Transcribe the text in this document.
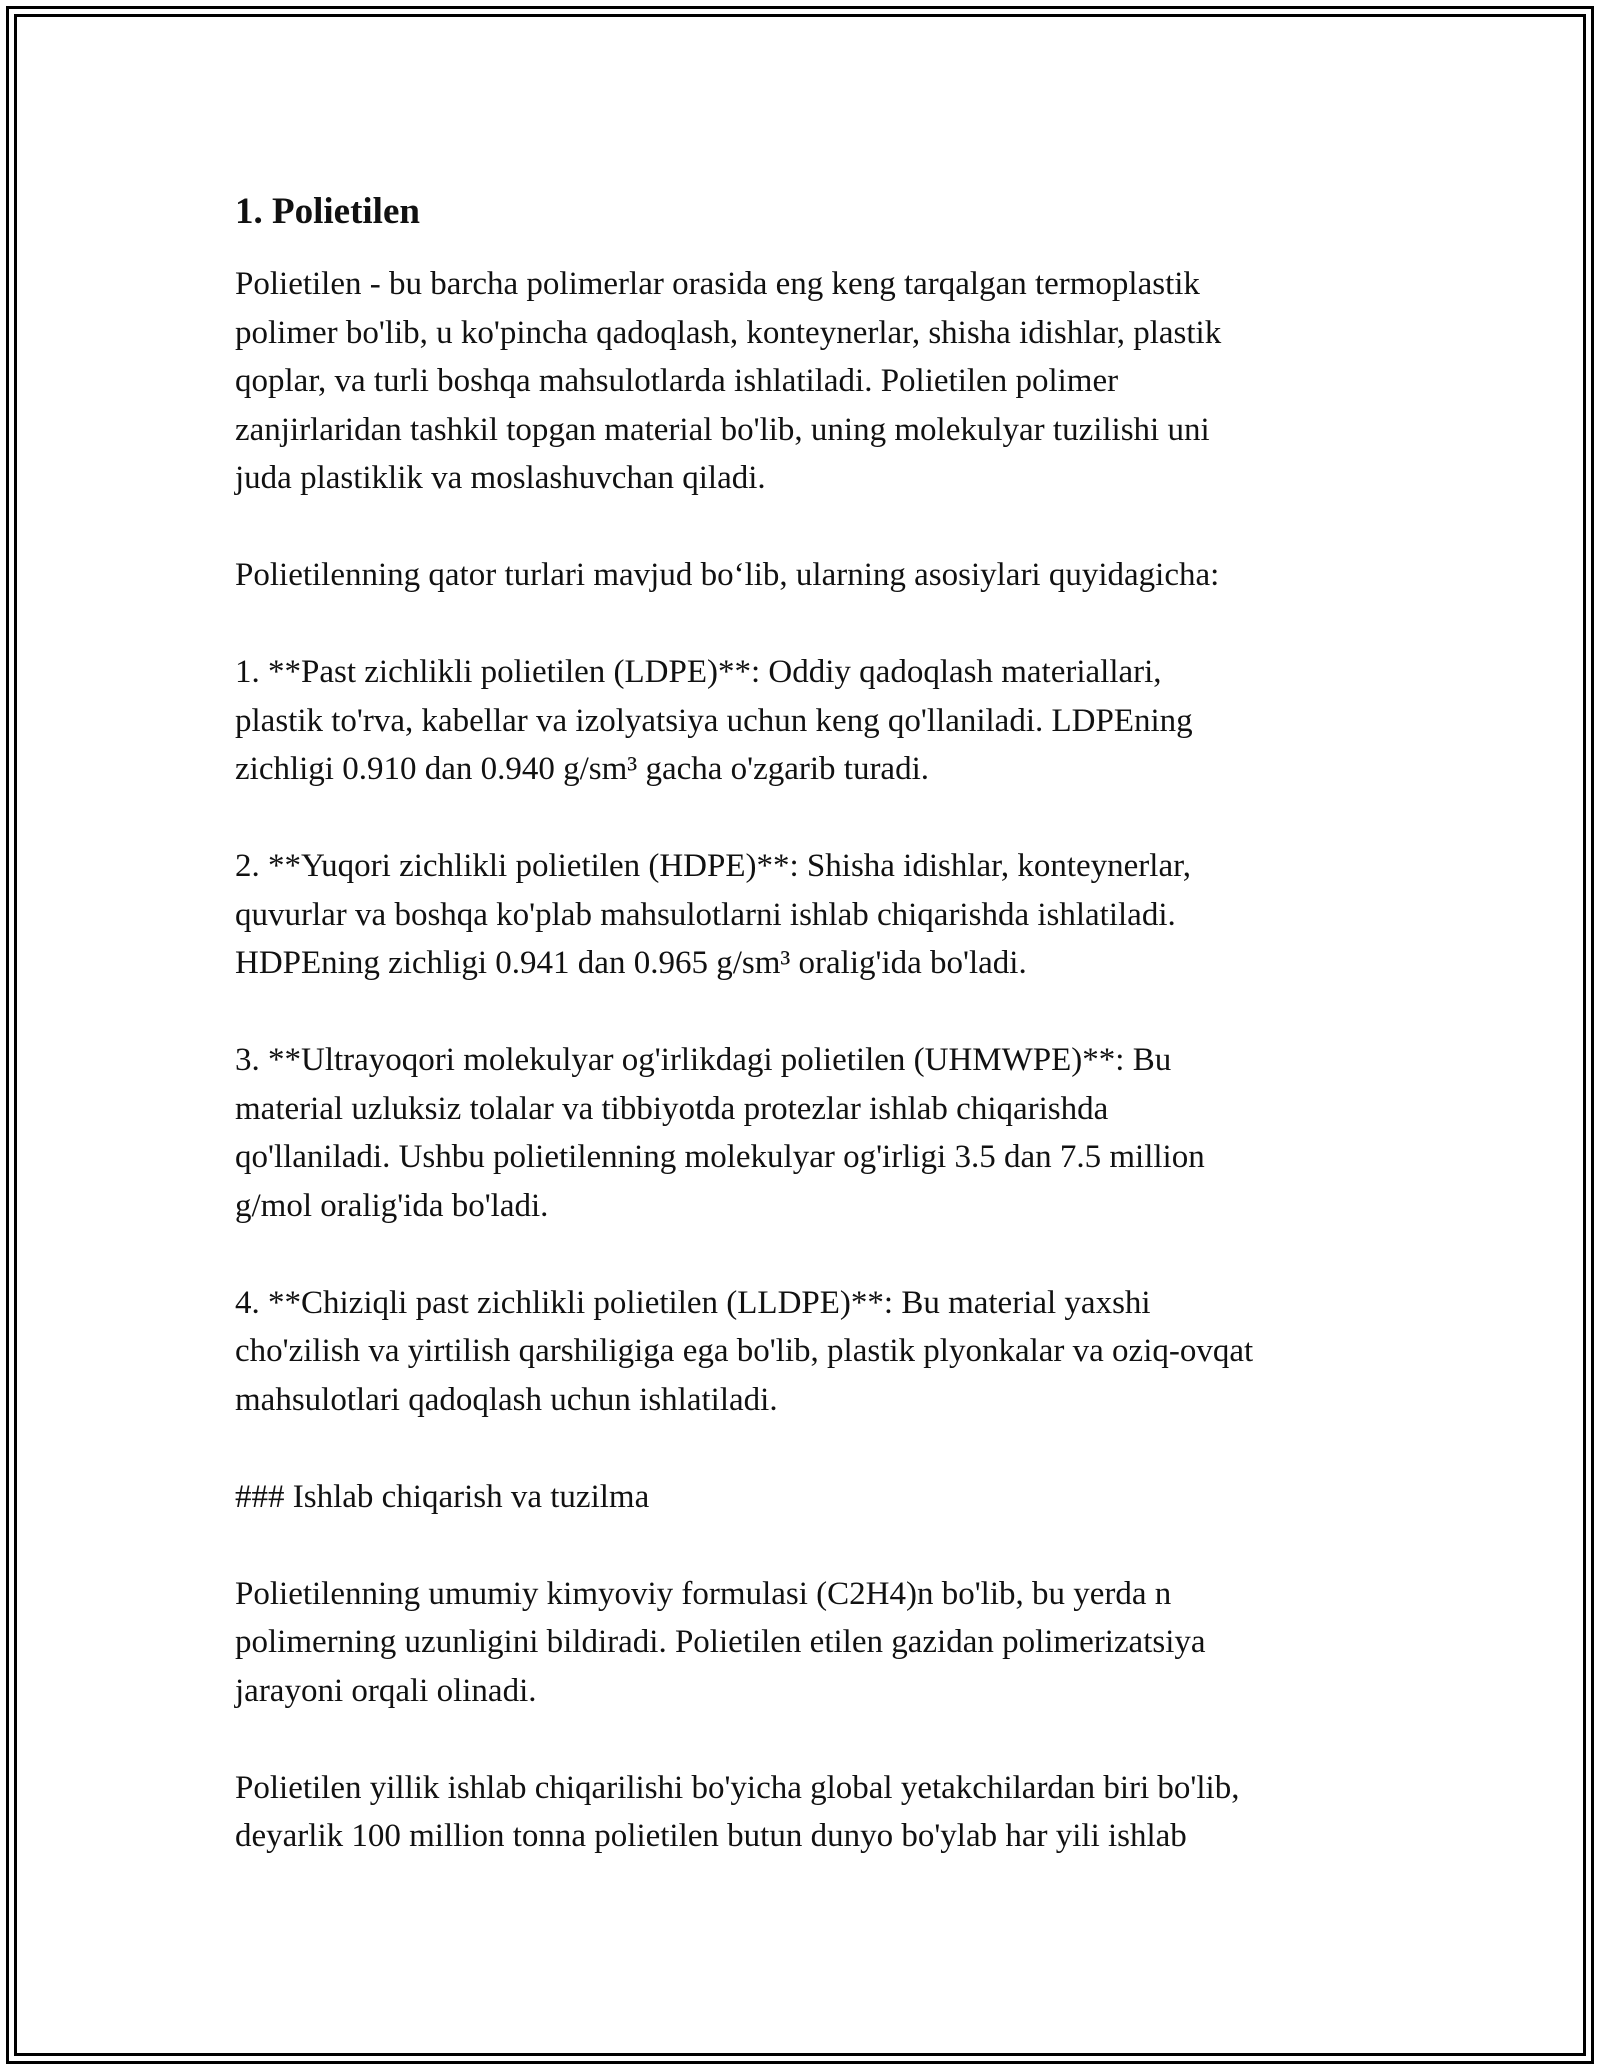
1. Polietilen
Polietilen - bu barcha polimerlar orasida eng keng tarqalgan termoplastik
polimer bo'lib, u ko'pincha qadoqlash, konteynerlar, shisha idishlar, plastik
qoplar, va turli boshqa mahsulotlarda ishlatiladi. Polietilen polimer
zanjirlaridan tashkil topgan material bo'lib, uning molekulyar tuzilishi uni
juda plastiklik va moslashuvchan qiladi.
Polietilenning qator turlari mavjud bo‘lib, ularning asosiylari quyidagicha:
1. **Past zichlikli polietilen (LDPE)**: Oddiy qadoqlash materiallari,
plastik to'rva, kabellar va izolyatsiya uchun keng qo'llaniladi. LDPEning
zichligi 0.910 dan 0.940 g/sm³ gacha o'zgarib turadi.
2. **Yuqori zichlikli polietilen (HDPE)**: Shisha idishlar, konteynerlar,
quvurlar va boshqa ko'plab mahsulotlarni ishlab chiqarishda ishlatiladi.
HDPEning zichligi 0.941 dan 0.965 g/sm³ oralig'ida bo'ladi.
3. **Ultrayoqori molekulyar og'irlikdagi polietilen (UHMWPE)**: Bu
material uzluksiz tolalar va tibbiyotda protezlar ishlab chiqarishda
qo'llaniladi. Ushbu polietilenning molekulyar og'irligi 3.5 dan 7.5 million
g/mol oralig'ida bo'ladi.
4. **Chiziqli past zichlikli polietilen (LLDPE)**: Bu material yaxshi
cho'zilish va yirtilish qarshiligiga ega bo'lib, plastik plyonkalar va oziq-ovqat
mahsulotlari qadoqlash uchun ishlatiladi.
### Ishlab chiqarish va tuzilma
Polietilenning umumiy kimyoviy formulasi (C2H4)n bo'lib, bu yerda n
polimerning uzunligini bildiradi. Polietilen etilen gazidan polimerizatsiya
jarayoni orqali olinadi.
Polietilen yillik ishlab chiqarilishi bo'yicha global yetakchilardan biri bo'lib,
deyarlik 100 million tonna polietilen butun dunyo bo'ylab har yili ishlab
